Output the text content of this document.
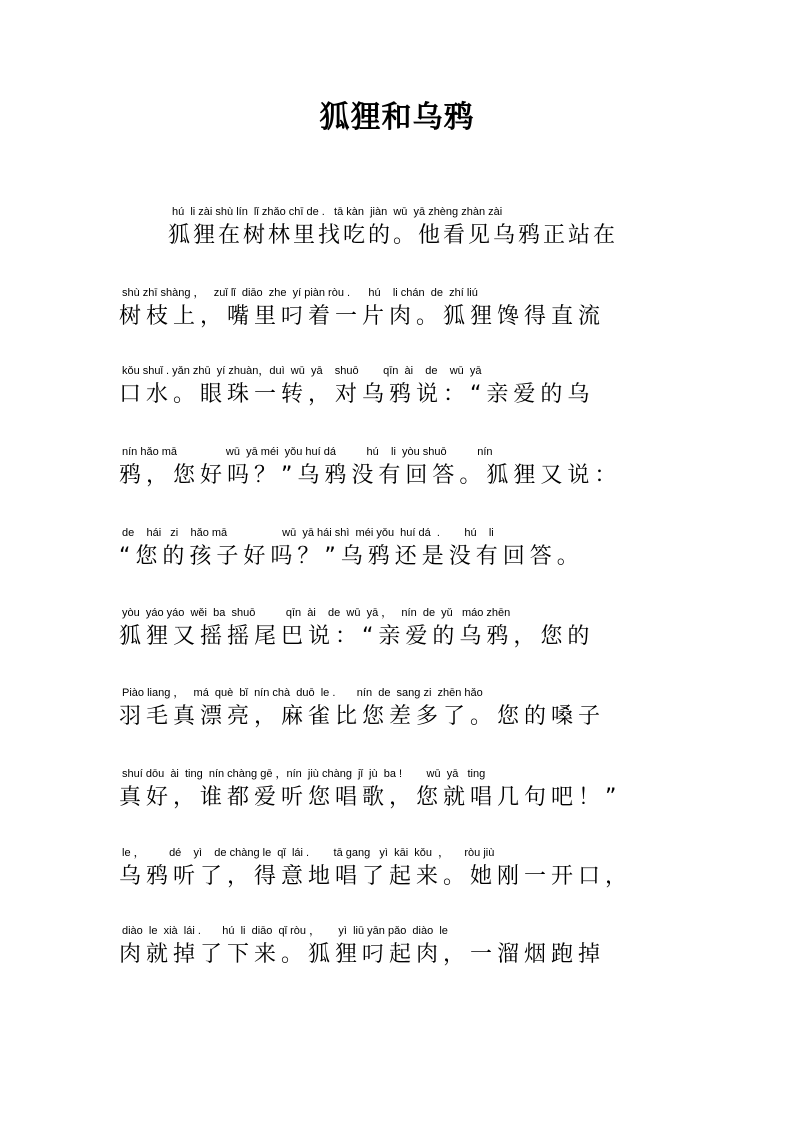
狐狸和乌鸦
hú  li zài shù lín  lǐ zhǎo chī de .   tā kàn  jiàn  wū  yā zhèng zhàn zài
狐狸在树林里找吃的。他看见乌鸦正站在
shù zhī shàng ，   zuǐ lǐ  diāo  zhe  yí piàn ròu .      hú    li chán  de  zhí liú
树枝上，嘴里叼着一片肉。狐狸馋得直流
kǒu shuǐ . yǎn zhū  yí zhuàn，duì  wū  yā    shuō        qīn  ài    de    wū  yā
口水。眼珠一转，对乌鸦说：“亲爱的乌
nín hǎo mā                wū  yā méi  yǒu huí dá          hú    li  yòu shuō          nín
鸦，您好吗？”乌鸦没有回答。狐狸又说：
de    hái   zi    hǎo mā                  wū  yā hái shì  méi yǒu  huí dá  .        hú    li
“您的孩子好吗？”乌鸦还是没有回答。
yòu  yáo yáo  wěi  ba  shuō          qīn  ài    de  wū  yā ，   nín  de  yǔ   máo zhēn
狐狸又摇摇尾巴说：“亲爱的乌鸦，您的
Piào liang ，   má  què  bǐ  nín chà  duō  le .       nín  de  sang zi  zhēn hǎo
羽毛真漂亮，麻雀比您差多了。您的嗓子
shuí dōu  ài  ting  nín chàng gē ，nín  jiù chàng  jǐ  jù  ba !        wū  yā   ting
真好，谁都爱听您唱歌，您就唱几句吧！”
le ，        dé    yì    de chàng le  qǐ  lái .        tā gang   yì  kāi  kǒu  ，     ròu jiù
乌鸦听了，得意地唱了起来。她刚一开口，
diào  le  xià  lái .       hú  li  diāo  qǐ ròu ，      yì  liū yān pǎo  diào  le
肉就掉了下来。狐狸叼起肉，一溜烟跑掉
